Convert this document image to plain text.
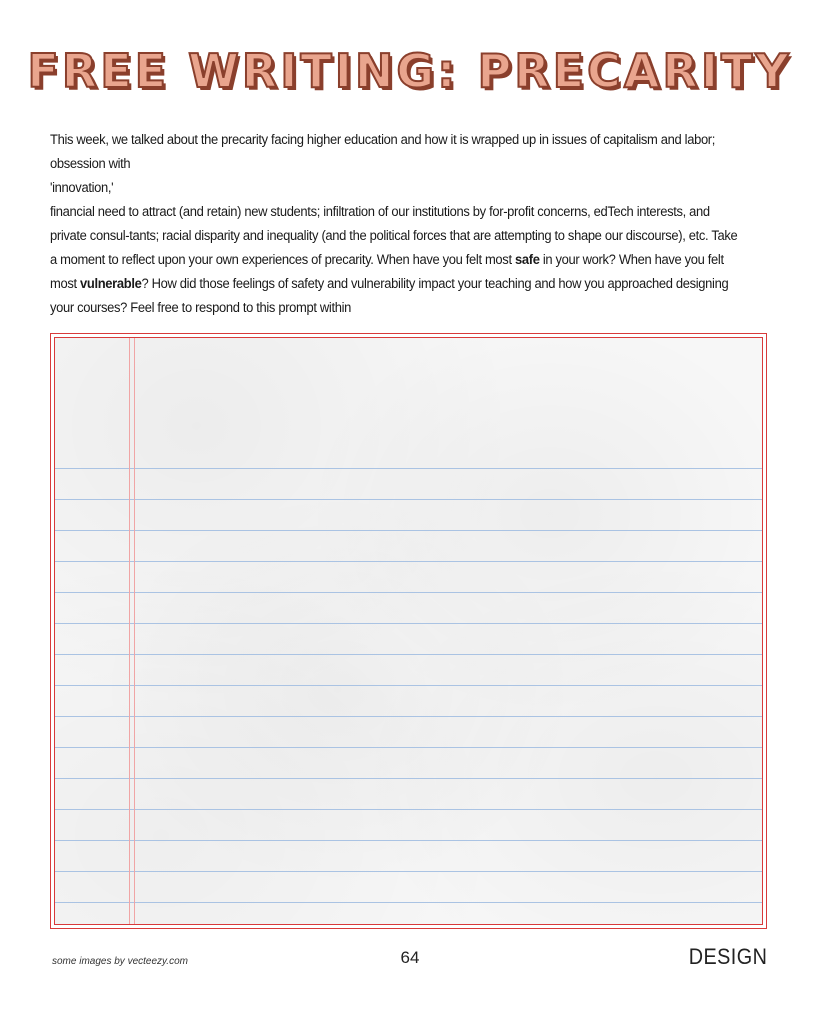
FREE WRITING: PRECARITY

This week, we talked about the precarity facing higher education and how it is wrapped up in issues of capitalism and labor; obsession with

'innovation,'

financial need to attract (and retain) new students; infiltration of our institutions by for-profit concerns, edTech interests, and private consul-tants; racial disparity and inequality (and the political forces that are attempting to shape our discourse), etc. Take a moment to reflect upon your own experiences of precarity. When have you felt most safe in your work? When have you felt most vulnerable? How did those feelings of safety and vulnerability impact your teaching and how you approached designing your courses? Feel free to respond to this prompt within

some images by vecteezy.com	64	DESIGN
